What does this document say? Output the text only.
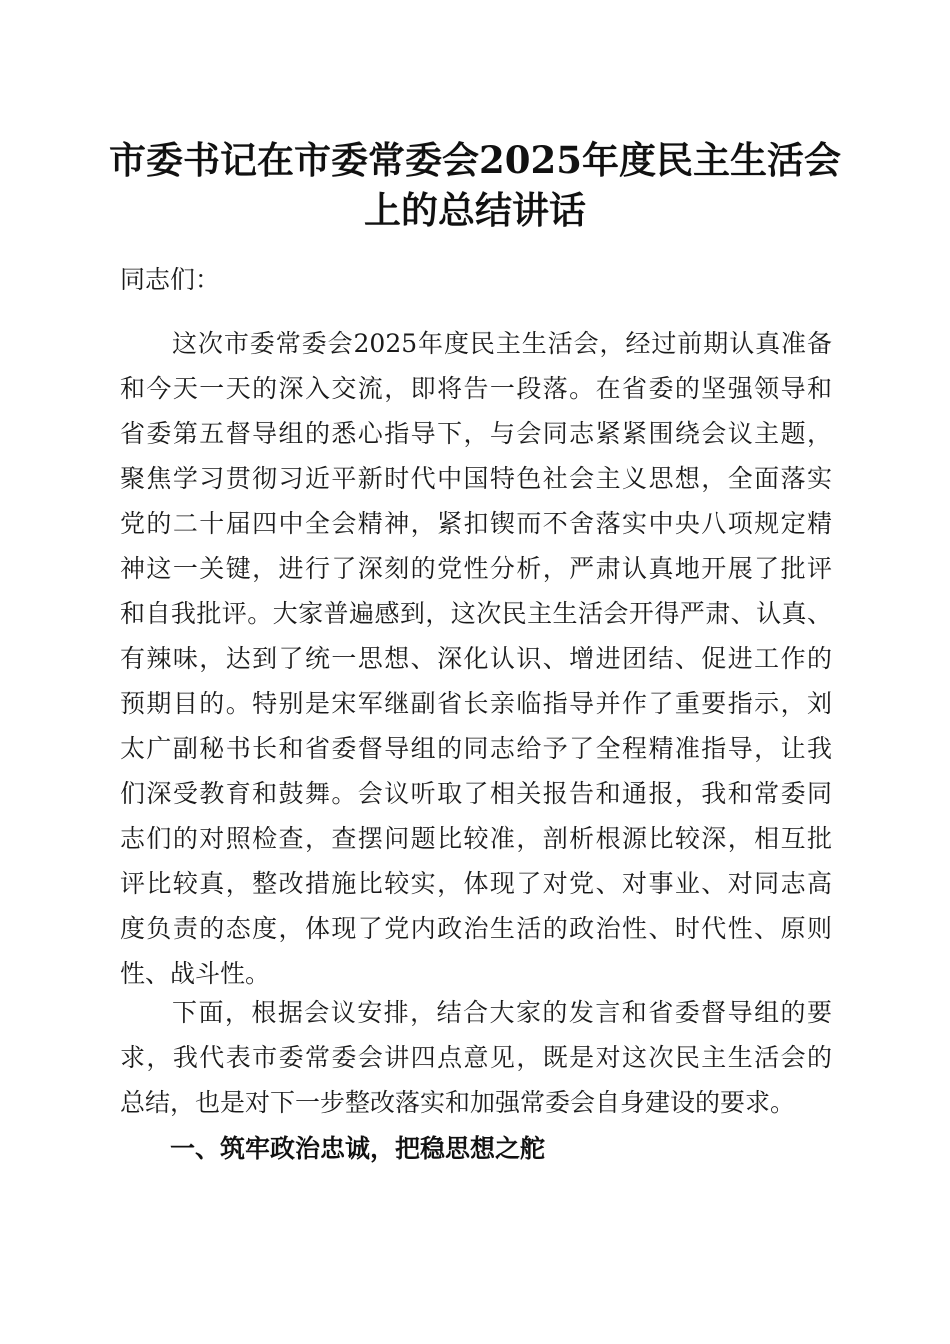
市委书记在市委常委会2025年度民主生活会
上的总结讲话
同志们：
这次市委常委会2025年度民主生活会，经过前期认真准备
和今天一天的深入交流，即将告一段落。在省委的坚强领导和
省委第五督导组的悉心指导下，与会同志紧紧围绕会议主题，
聚焦学习贯彻习近平新时代中国特色社会主义思想，全面落实
党的二十届四中全会精神，紧扣锲而不舍落实中央八项规定精
神这一关键，进行了深刻的党性分析，严肃认真地开展了批评
和自我批评。大家普遍感到，这次民主生活会开得严肃、认真、
有辣味，达到了统一思想、深化认识、增进团结、促进工作的
预期目的。特别是宋军继副省长亲临指导并作了重要指示，刘
太广副秘书长和省委督导组的同志给予了全程精准指导，让我
们深受教育和鼓舞。会议听取了相关报告和通报，我和常委同
志们的对照检查，查摆问题比较准，剖析根源比较深，相互批
评比较真，整改措施比较实，体现了对党、对事业、对同志高
度负责的态度，体现了党内政治生活的政治性、时代性、原则
性、战斗性。
下面，根据会议安排，结合大家的发言和省委督导组的要
求，我代表市委常委会讲四点意见，既是对这次民主生活会的
总结，也是对下一步整改落实和加强常委会自身建设的要求。
一、筑牢政治忠诚，把稳思想之舵
